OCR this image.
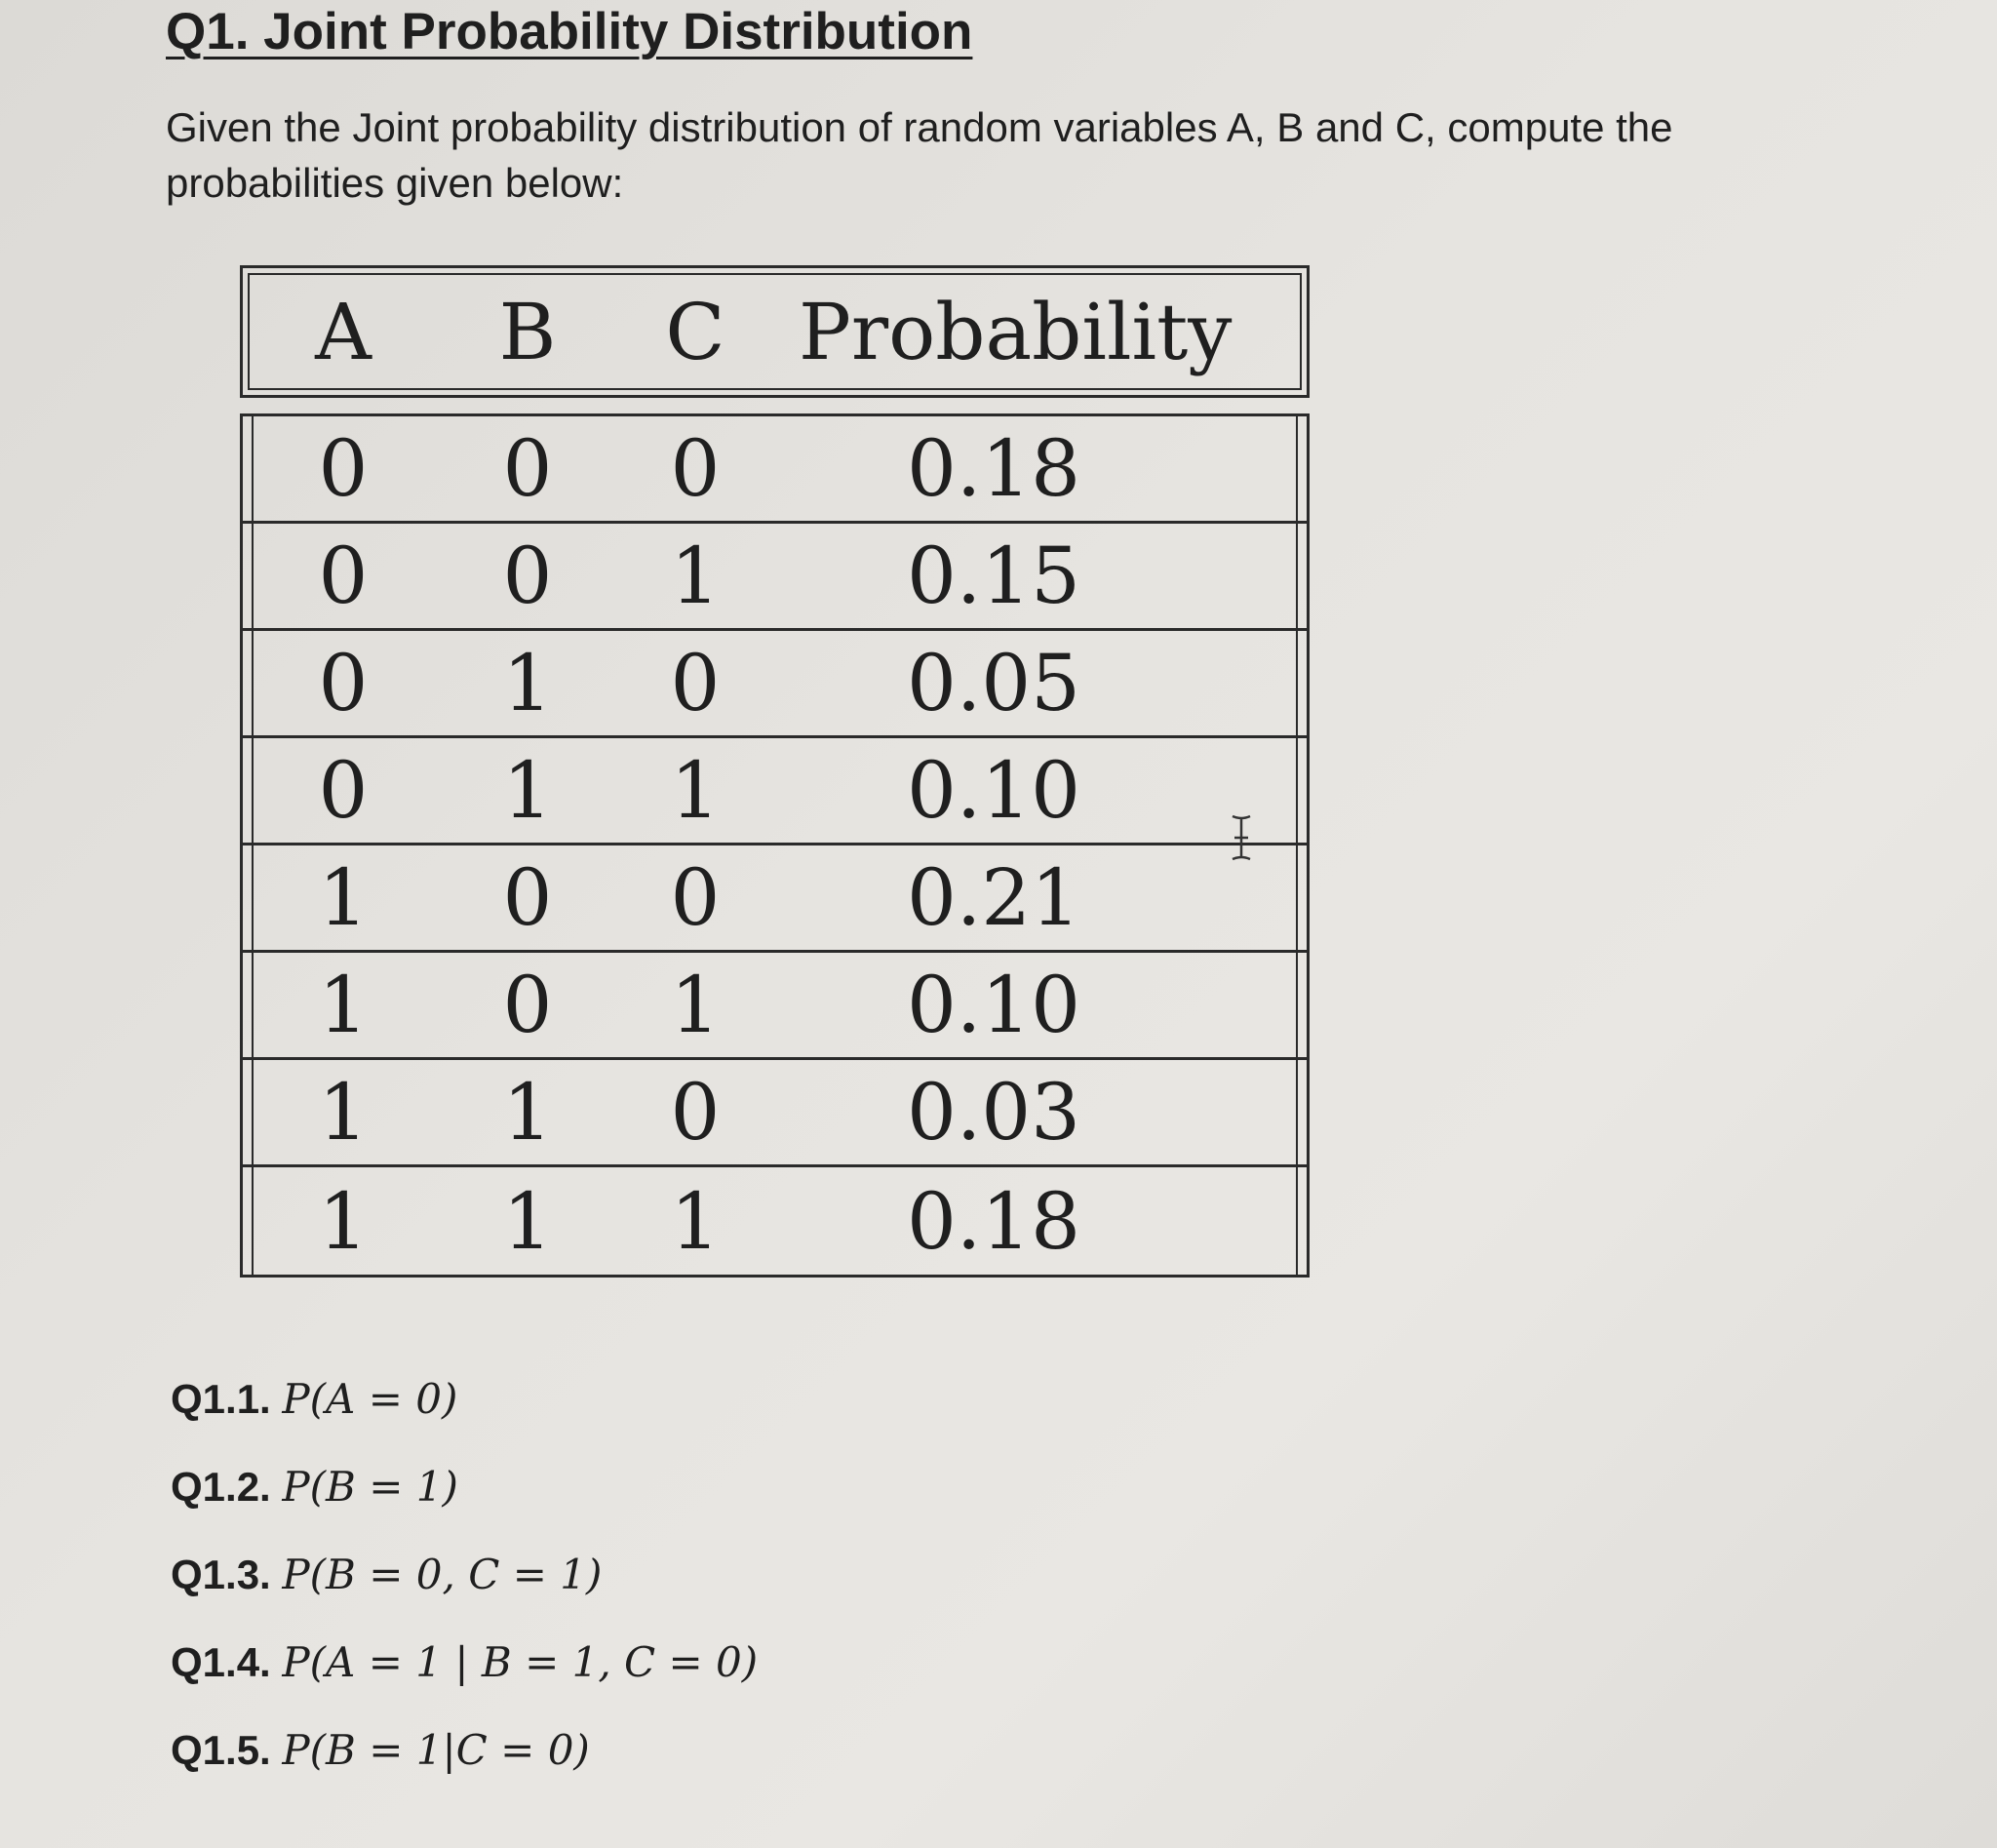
Q1. Joint Probability Distribution

Given the Joint probability distribution of random variables A, B and C, compute the probabilities given below:

A	B	C Probability
0	0	0	0.18
0	0	1	0.15
0	1	0	0.05
0	1	1	0.10
1	0	0	0.21
1	0	1	0.10
1	1	0	0.03
1	1	1	0.18
Q1.1. P(A = 0)
Q1.2. P(B = 1)
Q1.3. P(B = 0, C = 1)
Q1.4. P(A = 1 | B = 1, C = 0)
Q1.5. P(B = 1|C = 0)
